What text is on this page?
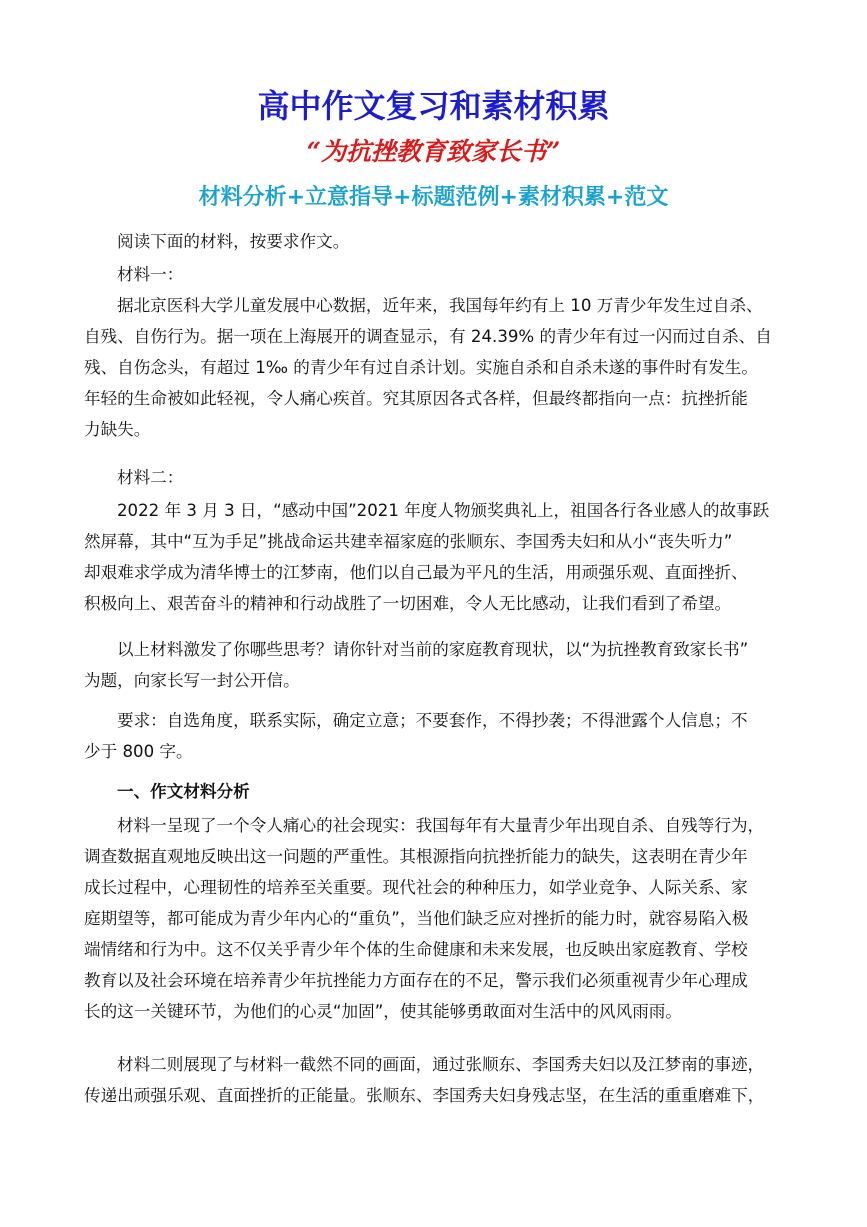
高中作文复习和素材积累
“为抗挫教育致家长书”
材料分析+立意指导+标题范例+素材积累+范文
阅读下面的材料，按要求作文。
材料一：
据北京医科大学儿童发展中心数据，近年来，我国每年约有上 10 万青少年发生过自杀、
自残、自伤行为。据一项在上海展开的调查显示，有 24.39% 的青少年有过一闪而过自杀、自
残、自伤念头，有超过 1‰ 的青少年有过自杀计划。实施自杀和自杀未遂的事件时有发生。
年轻的生命被如此轻视，令人痛心疾首。究其原因各式各样，但最终都指向一点：抗挫折能
力缺失。
材料二：
2022 年 3 月 3 日，“感动中国”2021 年度人物颁奖典礼上，祖国各行各业感人的故事跃
然屏幕，其中“互为手足”挑战命运共建幸福家庭的张顺东、李国秀夫妇和从小“丧失听力”
却艰难求学成为清华博士的江梦南，他们以自己最为平凡的生活，用顽强乐观、直面挫折、
积极向上、艰苦奋斗的精神和行动战胜了一切困难，令人无比感动，让我们看到了希望。
以上材料激发了你哪些思考？请你针对当前的家庭教育现状，以“为抗挫教育致家长书”
为题，向家长写一封公开信。
要求：自选角度，联系实际，确定立意；不要套作，不得抄袭；不得泄露个人信息；不
少于 800 字。
一、作文材料分析
材料一呈现了一个令人痛心的社会现实：我国每年有大量青少年出现自杀、自残等行为，
调查数据直观地反映出这一问题的严重性。其根源指向抗挫折能力的缺失，这表明在青少年
成长过程中，心理韧性的培养至关重要。现代社会的种种压力，如学业竞争、人际关系、家
庭期望等，都可能成为青少年内心的“重负”，当他们缺乏应对挫折的能力时，就容易陷入极
端情绪和行为中。这不仅关乎青少年个体的生命健康和未来发展，也反映出家庭教育、学校
教育以及社会环境在培养青少年抗挫能力方面存在的不足，警示我们必须重视青少年心理成
长的这一关键环节，为他们的心灵“加固”，使其能够勇敢面对生活中的风风雨雨。
材料二则展现了与材料一截然不同的画面，通过张顺东、李国秀夫妇以及江梦南的事迹，
传递出顽强乐观、直面挫折的正能量。张顺东、李国秀夫妇身残志坚，在生活的重重磨难下，
